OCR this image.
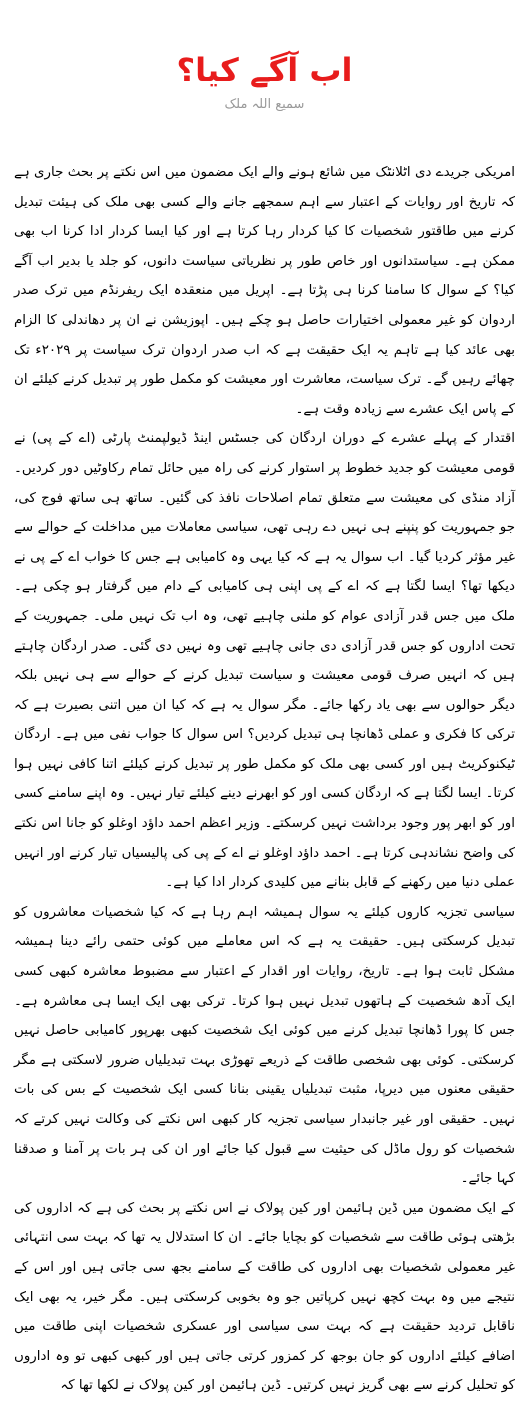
اب آگے کیا؟

سمیع اللہ ملک

امریکی جریدے دی اٹلانٹک میں شائع ہونے والے ایک مضمون میں اس نکتے پر بحث جاری ہے کہ تاریخ اور روایات کے اعتبار سے اہم سمجھے جانے والے کسی بھی ملک کی ہیئت تبدیل کرنے میں طاقتور شخصیات کا کیا کردار رہا کرتا ہے اور کیا ایسا کردار ادا کرنا اب بھی ممکن ہے۔ سیاستدانوں اور خاص طور پر نظریاتی سیاست دانوں، کو جلد یا بدیر اب آگے کیا؟ کے سوال کا سامنا کرنا ہی پڑتا ہے۔ اپریل میں منعقدہ ایک ریفرنڈم میں ترک صدر اردوان کو غیر معمولی اختیارات حاصل ہو چکے ہیں۔ اپوزیشن نے ان پر دھاندلی کا الزام بھی عائد کیا ہے تاہم یہ ایک حقیقت ہے کہ اب صدر اردوان ترک سیاست پر ۲۰۲۹ء تک چھائے رہیں گے۔ ترک سیاست، معاشرت اور معیشت کو مکمل طور پر تبدیل کرنے کیلئے ان کے پاس ایک عشرے سے زیادہ وقت ہے۔

اقتدار کے پہلے عشرے کے دوران اردگان کی جسٹس اینڈ ڈیولپمنٹ پارٹی (اے کے پی) نے قومی معیشت کو جدید خطوط پر استوار کرنے کی راہ میں حائل تمام رکاوٹیں دور کردیں۔ آزاد منڈی کی معیشت سے متعلق تمام اصلاحات نافذ کی گئیں۔ ساتھ ہی ساتھ فوج کی، جو جمہوریت کو پنپنے ہی نہیں دے رہی تھی، سیاسی معاملات میں مداخلت کے حوالے سے غیر مؤثر کردیا گیا۔ اب سوال یہ ہے کہ کیا یہی وہ کامیابی ہے جس کا خواب اے کے پی نے دیکھا تھا؟ ایسا لگتا ہے کہ اے کے پی اپنی ہی کامیابی کے دام میں گرفتار ہو چکی ہے۔ ملک میں جس قدر آزادی عوام کو ملنی چاہیے تھی، وہ اب تک نہیں ملی۔ جمہوریت کے تحت اداروں کو جس قدر آزادی دی جانی چاہیے تھی وہ نہیں دی گئی۔ صدر اردگان چاہتے ہیں کہ انہیں صرف قومی معیشت و سیاست تبدیل کرنے کے حوالے سے ہی نہیں بلکہ دیگر حوالوں سے بھی یاد رکھا جائے۔ مگر سوال یہ ہے کہ کیا ان میں اتنی بصیرت ہے کہ ترکی کا فکری و عملی ڈھانچا ہی تبدیل کردیں؟ اس سوال کا جواب نفی میں ہے۔ اردگان ٹیکنوکریٹ ہیں اور کسی بھی ملک کو مکمل طور پر تبدیل کرنے کیلئے اتنا کافی نہیں ہوا کرتا۔ ایسا لگتا ہے کہ اردگان کسی اور کو ابھرنے دینے کیلئے تیار نہیں۔ وہ اپنے سامنے کسی اور کو ابھر پور وجود برداشت نہیں کرسکتے۔ وزیر اعظم احمد داؤد اوغلو کو جانا اس نکتے کی واضح نشاندہی کرتا ہے۔ احمد داؤد اوغلو نے اے کے پی کی پالیسیاں تیار کرنے اور انہیں عملی دنیا میں رکھنے کے قابل بنانے میں کلیدی کردار ادا کیا ہے۔

سیاسی تجزیہ کاروں کیلئے یہ سوال ہمیشہ اہم رہا ہے کہ کیا شخصیات معاشروں کو تبدیل کرسکتی ہیں۔ حقیقت یہ ہے کہ اس معاملے میں کوئی حتمی رائے دینا ہمیشہ مشکل ثابت ہوا ہے۔ تاریخ، روایات اور اقدار کے اعتبار سے مضبوط معاشرہ کبھی کسی ایک آدھ شخصیت کے ہاتھوں تبدیل نہیں ہوا کرتا۔ ترکی بھی ایک ایسا ہی معاشرہ ہے۔ جس کا پورا ڈھانچا تبدیل کرنے میں کوئی ایک شخصیت کبھی بھرپور کامیابی حاصل نہیں کرسکتی۔ کوئی بھی شخصی طاقت کے ذریعے تھوڑی بہت تبدیلیاں ضرور لاسکتی ہے مگر حقیقی معنوں میں دیرپا، مثبت تبدیلیاں یقینی بنانا کسی ایک شخصیت کے بس کی بات نہیں۔ حقیقی اور غیر جانبدار سیاسی تجزیہ کار کبھی اس نکتے کی وکالت نہیں کرتے کہ شخصیات کو رول ماڈل کی حیثیت سے قبول کیا جائے اور ان کی ہر بات پر آمنا و صدقنا کہا جائے۔

کے ایک مضمون میں ڈین ہائیمن اور کین پولاک نے اس نکتے پر بحث کی ہے کہ اداروں کی بڑھتی ہوئی طاقت سے شخصیات کو بچایا جائے۔ ان کا استدلال یہ تھا کہ بہت سی انتہائی غیر معمولی شخصیات بھی اداروں کی طاقت کے سامنے بجھ سی جاتی ہیں اور اس کے نتیجے میں وہ بہت کچھ نہیں کرپاتیں جو وہ بخوبی کرسکتی ہیں۔ مگر خیر، یہ بھی ایک ناقابل تردید حقیقت ہے کہ بہت سی سیاسی اور عسکری شخصیات اپنی طاقت میں اضافے کیلئے اداروں کو جان بوجھ کر کمزور کرتی جاتی ہیں اور کبھی کبھی تو وہ اداروں کو تحلیل کرنے سے بھی گریز نہیں کرتیں۔ ڈین ہائیمن اور کین پولاک نے لکھا تھا کہ
